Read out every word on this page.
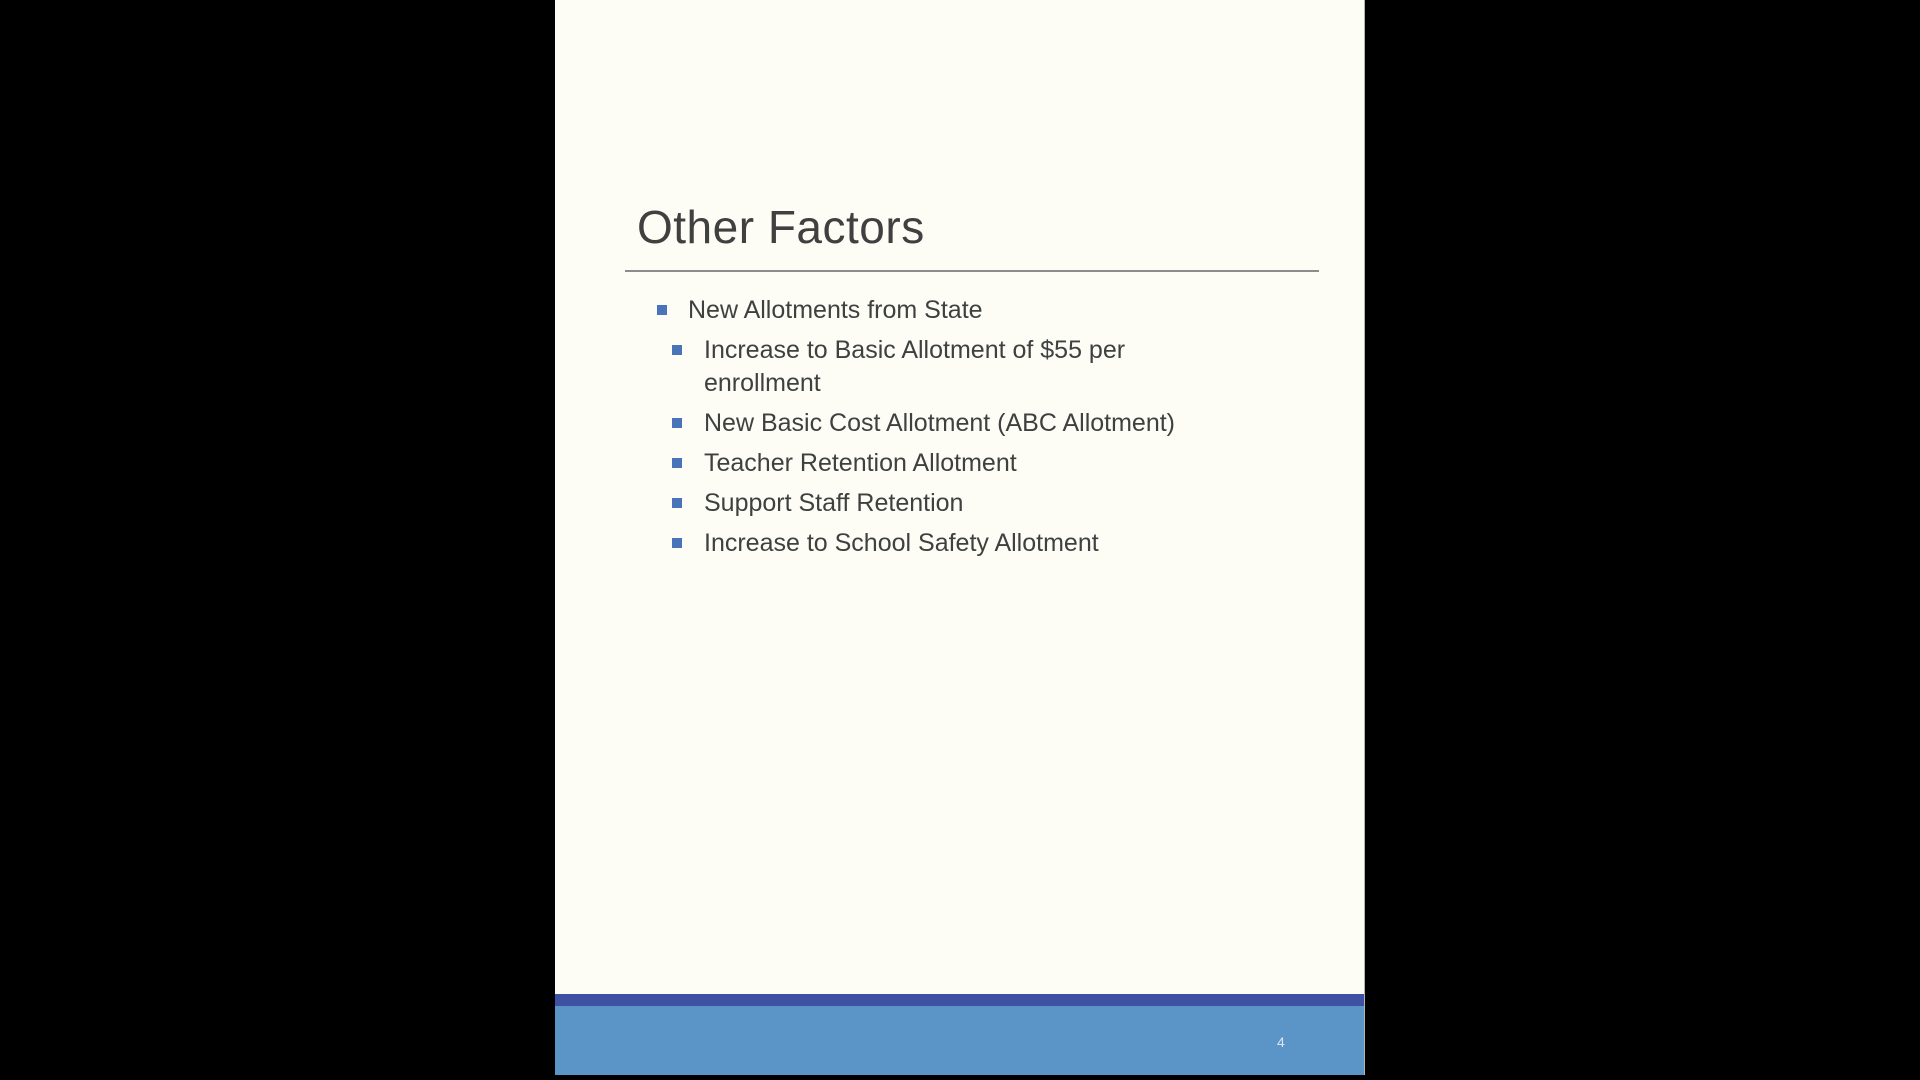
Other Factors
New Allotments from State
Increase to Basic Allotment of $55 per
enrollment
New Basic Cost Allotment (ABC Allotment)
Teacher Retention Allotment
Support Staff Retention
Increase to School Safety Allotment
4
